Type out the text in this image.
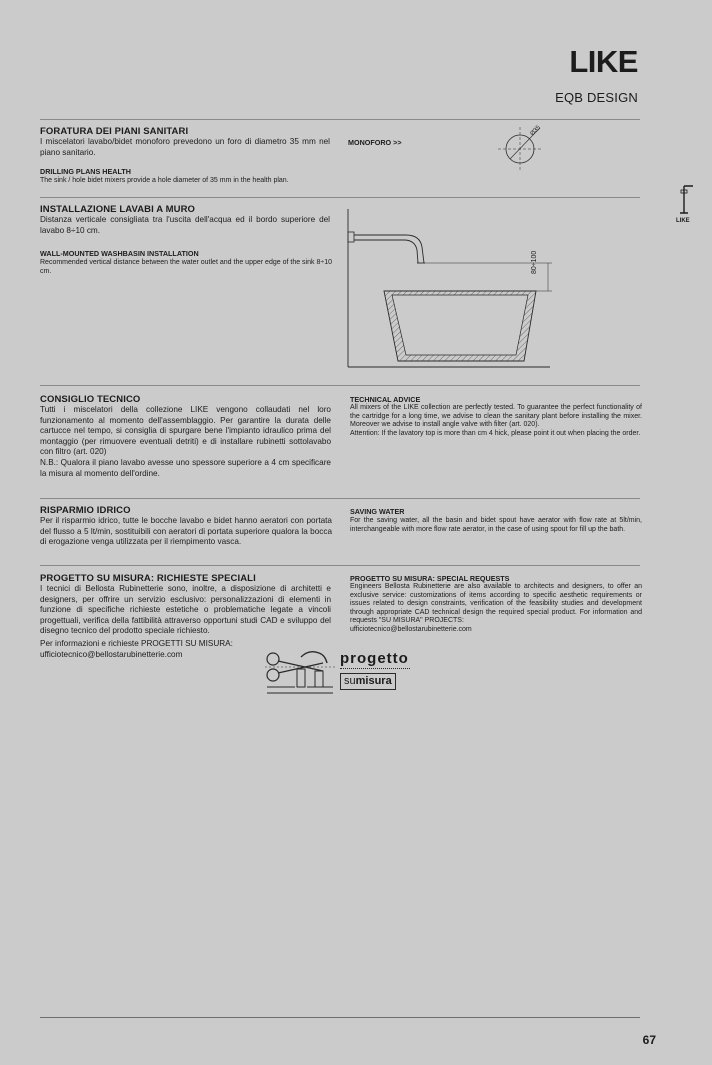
LIKE
EQB DESIGN
LIKE
FORATURA DEI PIANI SANITARI
I miscelatori lavabo/bidet monoforo prevedono un foro di diametro 35 mm nel piano sanitario.
DRILLING PLANS HEALTH
The sink / hole bidet mixers provide a hole diameter of 35 mm in the health plan.
MONOFORO >>
Ø35
INSTALLAZIONE LAVABI A MURO
Distanza verticale consigliata tra l'uscita dell'acqua ed il bordo superiore del lavabo 8÷10 cm.
WALL-MOUNTED WASHBASIN INSTALLATION
Recommended vertical distance between the water outlet and the upper edge of the sink 8÷10 cm.	80÷100
CONSIGLIO TECNICO
Tutti i miscelatori della collezione LIKE vengono collaudati nel loro funzionamento al momento dell'assemblaggio. Per garantire la durata delle cartucce nel tempo, si consiglia di spurgare bene l'impianto idraulico prima del montaggio (per rimuovere eventuali detriti) e di installare rubinetti sottolavabo con filtro (art. 020)
N.B.: Qualora il piano lavabo avesse uno spessore superiore a 4 cm specificare la misura al momento dell'ordine.
TECHNICAL ADVICE
All mixers of the LIKE collection are perfectly tested. To guarantee the perfect functionality of the cartridge for a long time, we advise to clean the sanitary plant before installing the mixer. Moreover we advise to install angle valve with filter (art. 020).
Attention: If the lavatory top is more than cm 4 hick, please point it out when placing the order.
RISPARMIO IDRICO
Per il risparmio idrico, tutte le bocche lavabo e bidet hanno aeratori con portata del flusso a 5 lt/min, sostituibili con aeratori di portata superiore qualora la bocca di erogazione venga utilizzata per il riempimento vasca.
SAVING WATER
For the saving water, all the basin and bidet spout have aerator with flow rate at 5lt/min, interchangeable with more flow rate aerator, in the case of using spout for fill up the bath.
PROGETTO SU MISURA: RICHIESTE SPECIALI
I tecnici di Bellosta Rubinetterie sono, inoltre, a disposizione di architetti e designers, per offrire un servizio esclusivo: personalizzazioni di elementi in funzione di specifiche richieste estetiche o problematiche legate a vincoli progettuali, verifica della fattibilità attraverso opportuni studi CAD e sviluppo del disegno tecnico del prodotto speciale richiesto.
Per informazioni e richieste PROGETTI SU MISURA:
ufficiotecnico@bellostarubinetterie.com
PROGETTO SU MISURA: SPECIAL REQUESTS
Engineers Bellosta Rubinetterie are also available to architects and designers, to offer an exclusive service: customizations of items according to specific aesthetic requirements or issues related to design constraints, verification of the feasibility studies and development through appropriate CAD technical design the required special product. For information and requests "SU MISURA" PROJECTS:
ufficiotecnico@bellostarubinetterie.com
progetto
sumisura
67
